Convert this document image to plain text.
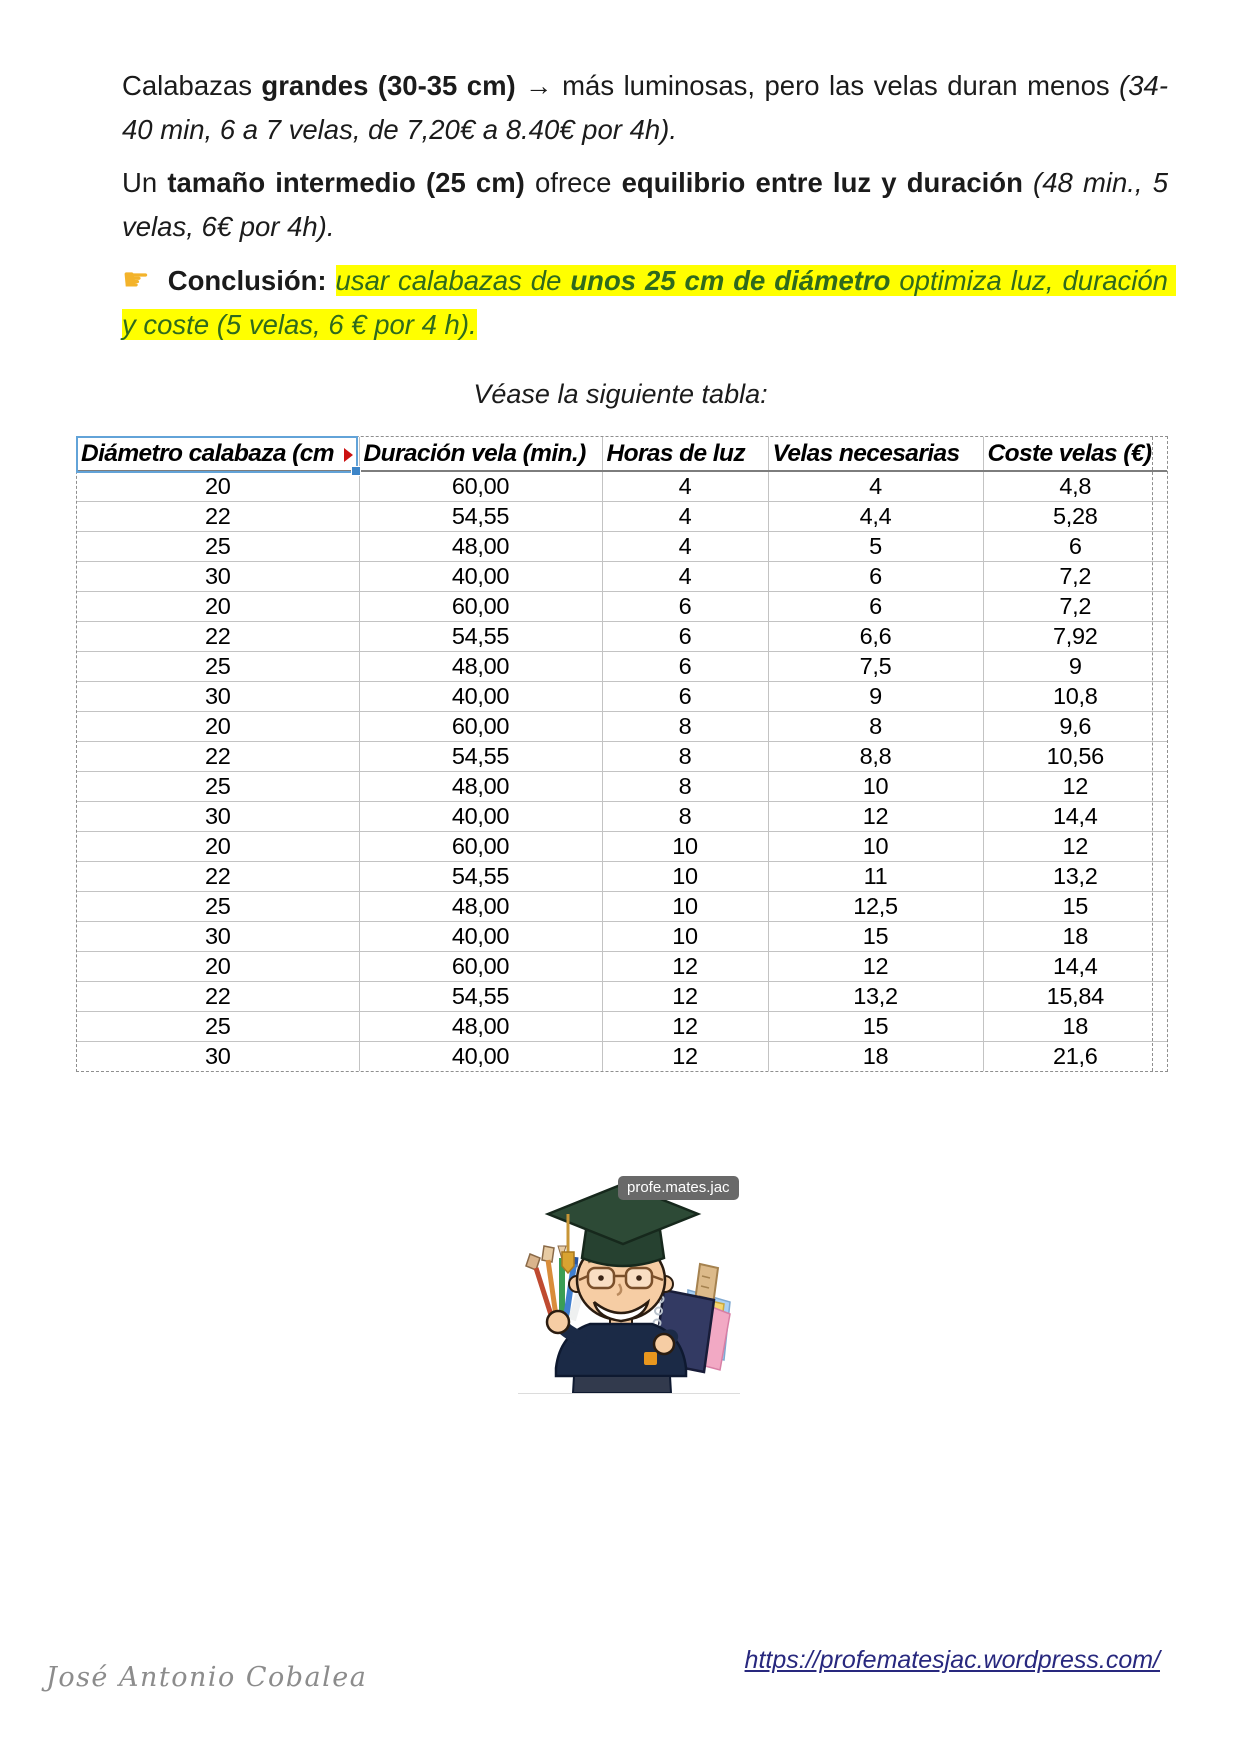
Calabazas grandes (30-35 cm) → más luminosas, pero las velas duran menos (34-40 min, 6 a 7 velas, de 7,20€ a 8.40€ por 4h).

Un tamaño intermedio (25 cm) ofrece equilibrio entre luz y duración (48 min., 5 velas, 6€ por 4h).

☛  Conclusión: usar calabazas de unos 25 cm de diámetro optimiza luz, duración y coste (5 velas, 6 € por 4 h).

Véase la siguiente tabla:

Diámetro calabaza (cm	Duración vela (min.)	Horas de luz	Velas necesarias	Coste velas (€)
20	60,00	4	4	4,8
22	54,55	4	4,4	5,28
25	48,00	4	5	6
30	40,00	4	6	7,2
20	60,00	6	6	7,2
22	54,55	6	6,6	7,92
25	48,00	6	7,5	9
30	40,00	6	9	10,8
20	60,00	8	8	9,6
22	54,55	8	8,8	10,56
25	48,00	8	10	12
30	40,00	8	12	14,4
20	60,00	10	10	12
22	54,55	10	11	13,2
25	48,00	10	12,5	15
30	40,00	10	15	18
20	60,00	12	12	14,4
22	54,55	12	13,2	15,84
25	48,00	12	15	18
30	40,00	12	18	21,6
profe.mates.jac
José Antonio Cobalea
https://profematesjac.wordpress.com/
